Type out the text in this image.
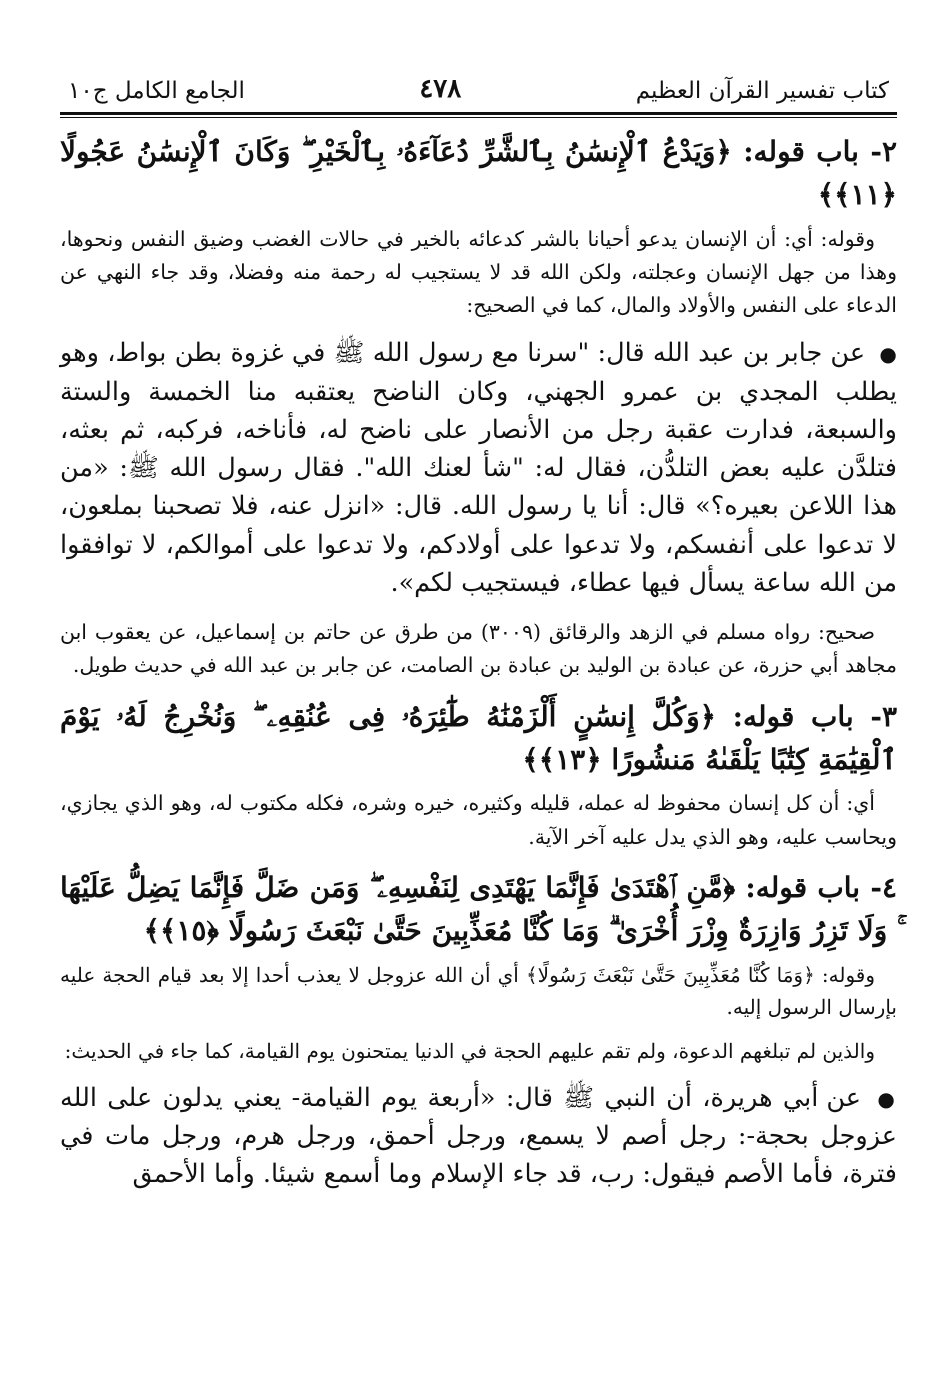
كتاب تفسير القرآن العظيم
٤٧٨
الجامع الكامل ج١٠
٢- باب قوله: ﴿وَيَدْعُ ٱلْإِنسَٰنُ بِٱلشَّرِّ دُعَآءَهُۥ بِٱلْخَيْرِ ۖ وَكَانَ ٱلْإِنسَٰنُ عَجُولًا ﴿١١﴾﴾

وقوله: أي: أن الإنسان يدعو أحيانا بالشر كدعائه بالخير في حالات الغضب وضيق النفس ونحوها، وهذا من جهل الإنسان وعجلته، ولكن الله قد لا يستجيب له رحمة منه وفضلا، وقد جاء النهي عن الدعاء على النفس والأولاد والمال، كما في الصحيح:

● عن جابر بن عبد الله قال: "سرنا مع رسول الله ﷺ في غزوة بطن بواط، وهو يطلب المجدي بن عمرو الجهني، وكان الناضح يعتقبه منا الخمسة والستة والسبعة، فدارت عقبة رجل من الأنصار على ناضح له، فأناخه، فركبه، ثم بعثه، فتلدَّن عليه بعض التلدُّن، فقال له: "شأ لعنك الله". فقال رسول الله ﷺ: «من هذا اللاعن بعيره؟» قال: أنا يا رسول الله. قال: «انزل عنه، فلا تصحبنا بملعون، لا تدعوا على أنفسكم، ولا تدعوا على أولادكم، ولا تدعوا على أموالكم، لا توافقوا من الله ساعة يسأل فيها عطاء، فيستجيب لكم».

صحيح: رواه مسلم في الزهد والرقائق (٣٠٠٩) من طرق عن حاتم بن إسماعيل، عن يعقوب ابن مجاهد أبي حزرة، عن عبادة بن الوليد بن عبادة بن الصامت، عن جابر بن عبد الله في حديث طويل.

٣- باب قوله: ﴿وَكُلَّ إِنسَٰنٍ أَلْزَمْنَٰهُ طَٰٓئِرَهُۥ فِى عُنُقِهِۦ ۖ وَنُخْرِجُ لَهُۥ يَوْمَ ٱلْقِيَٰمَةِ كِتَٰبًا يَلْقَىٰهُ مَنشُورًا ﴿١٣﴾﴾

أي: أن كل إنسان محفوظ له عمله، قليله وكثيره، خيره وشره، فكله مكتوب له، وهو الذي يجازي، ويحاسب عليه، وهو الذي يدل عليه آخر الآية.

٤- باب قوله: ﴿مَّنِ ٱهْتَدَىٰ فَإِنَّمَا يَهْتَدِى لِنَفْسِهِۦ ۖ وَمَن ضَلَّ فَإِنَّمَا يَضِلُّ عَلَيْهَا ۚ وَلَا تَزِرُ وَازِرَةٌ وِزْرَ أُخْرَىٰ ۗ وَمَا كُنَّا مُعَذِّبِينَ حَتَّىٰ نَبْعَثَ رَسُولًا ﴿١٥﴾﴾

وقوله: ﴿وَمَا كُنَّا مُعَذِّبِينَ حَتَّىٰ نَبْعَثَ رَسُولًا﴾ أي أن الله عزوجل لا يعذب أحدا إلا بعد قيام الحجة عليه بإرسال الرسول إليه.

والذين لم تبلغهم الدعوة، ولم تقم عليهم الحجة في الدنيا يمتحنون يوم القيامة، كما جاء في الحديث:

● عن أبي هريرة، أن النبي ﷺ قال: «أربعة يوم القيامة- يعني يدلون على الله عزوجل بحجة-: رجل أصم لا يسمع، ورجل أحمق، ورجل هرم، ورجل مات في فترة، فأما الأصم فيقول: رب، قد جاء الإسلام وما أسمع شيئا. وأما الأحمق
